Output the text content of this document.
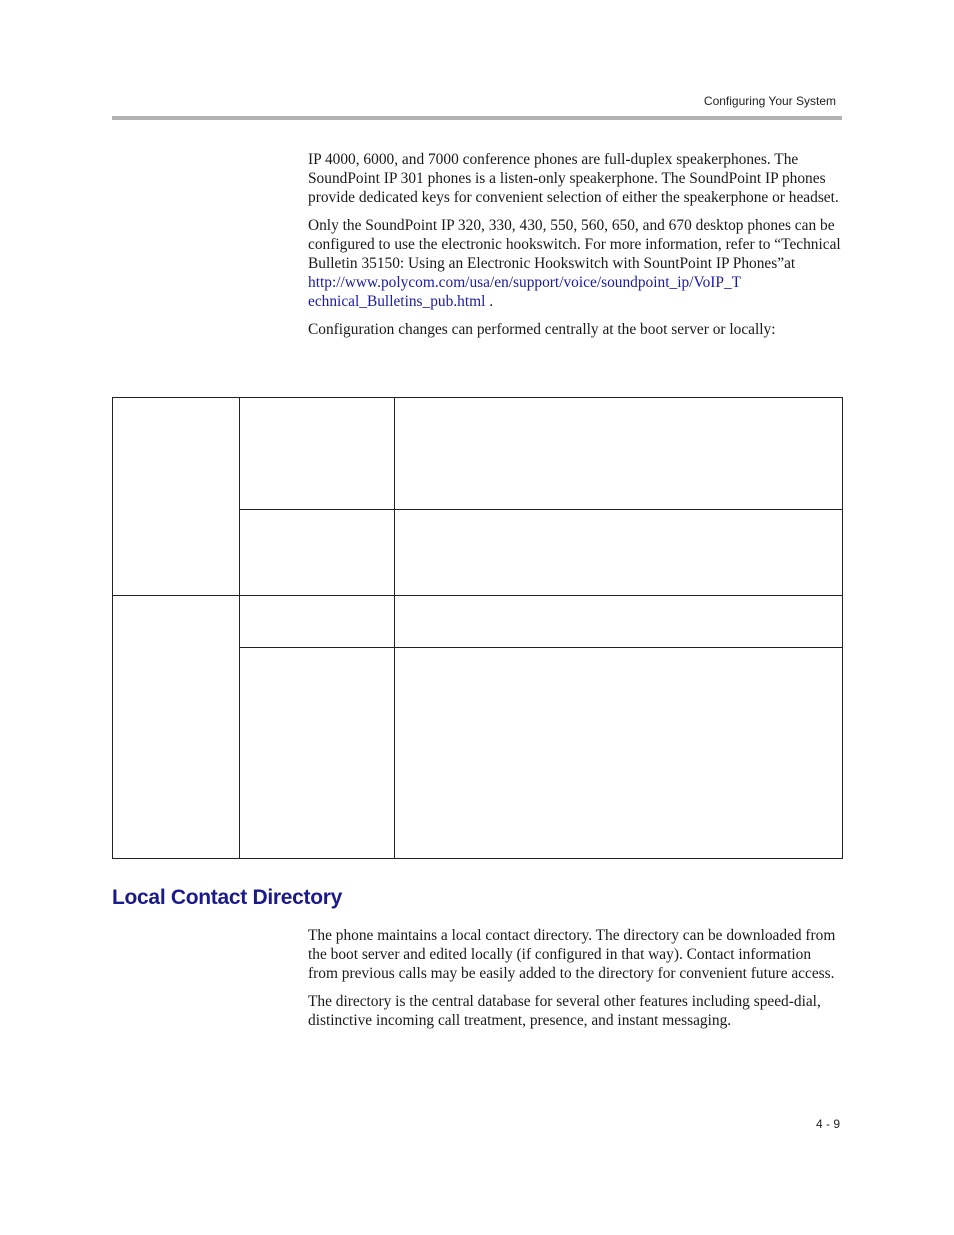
Configuring Your System

IP 4000, 6000, and 7000 conference phones are full-duplex speakerphones. The SoundPoint IP 301 phones is a listen-only speakerphone. The SoundPoint IP phones provide dedicated keys for convenient selection of either the speakerphone or headset.

Only the SoundPoint IP 320, 330, 430, 550, 560, 650, and 670 desktop phones can be configured to use the electronic hookswitch. For more information, refer to “Technical Bulletin 35150: Using an Electronic Hookswitch with SountPoint IP Phones”at
http://www.polycom.com/usa/en/support/voice/soundpoint_ip/VoIP_T
echnical_Bulletins_pub.html .

Configuration changes can performed centrally at the boot server or locally:

Local Contact Directory

The phone maintains a local contact directory. The directory can be downloaded from the boot server and edited locally (if configured in that way). Contact information from previous calls may be easily added to the directory for convenient future access.

The directory is the central database for several other features including speed-dial, distinctive incoming call treatment, presence, and instant messaging.

4 - 9
